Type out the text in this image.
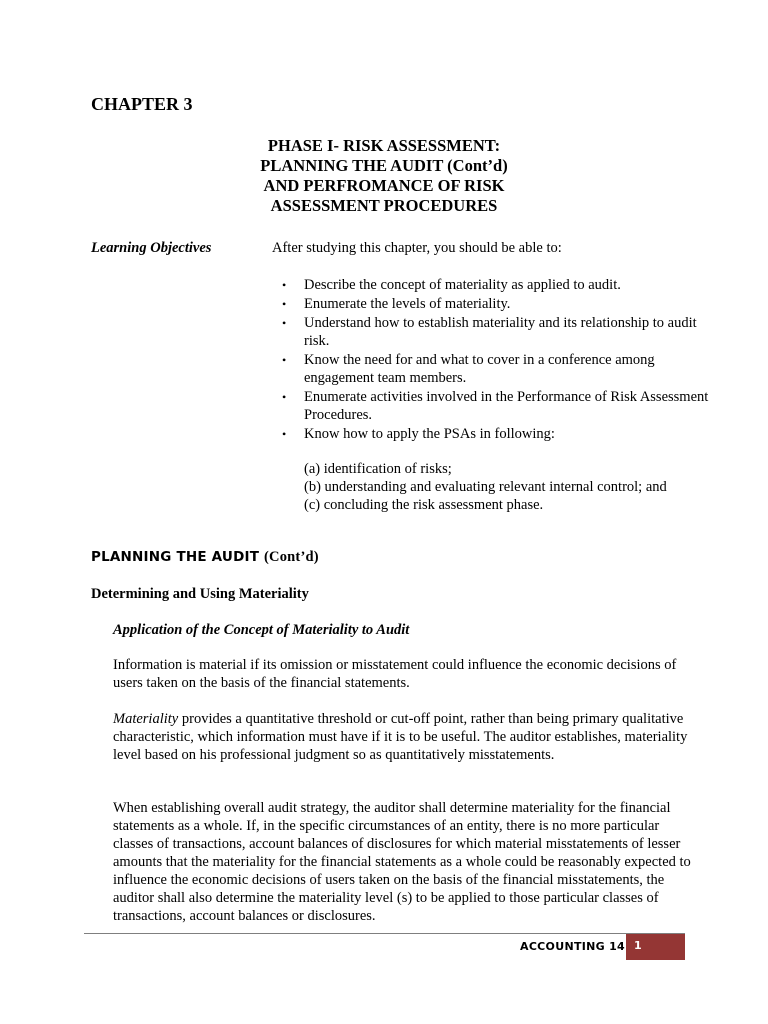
CHAPTER 3
PHASE I- RISK ASSESSMENT:
PLANNING THE AUDIT (Cont’d)
AND PERFROMANCE OF RISK
ASSESSMENT PROCEDURES
Learning Objectives	After studying this chapter, you should be able to:
• Describe the concept of materiality as applied to audit.
• Enumerate the levels of materiality.
• Understand how to establish materiality and its relationship to audit risk.
• Know the need for and what to cover in a conference among engagement team members.
• Enumerate activities involved in the Performance of Risk Assessment Procedures.
• Know how to apply the PSAs in following:
(a) identification of risks;
(b) understanding and evaluating relevant internal control; and
(c) concluding the risk assessment phase.
PLANNING THE AUDIT (Cont’d)
Determining and Using Materiality
Application of the Concept of Materiality to Audit
Information is material if its omission or misstatement could influence the economic decisions of users taken on the basis of the financial statements.
Materiality provides a quantitative threshold or cut-off point, rather than being primary qualitative characteristic, which information must have if it is to be useful. The auditor establishes, materiality level based on his professional judgment so as quantitatively misstatements.
When establishing overall audit strategy, the auditor shall determine materiality for the financial statements as a whole. If, in the specific circumstances of an entity, there is no more particular classes of transactions, account balances of disclosures for which material misstatements of lesser amounts that the materiality for the financial statements as a whole could be reasonably expected to influence the economic decisions of users taken on the basis of the financial misstatements, the auditor shall also determine the materiality level (s) to be applied to those particular classes of transactions, account balances or disclosures.
ACCOUNTING 14 1
